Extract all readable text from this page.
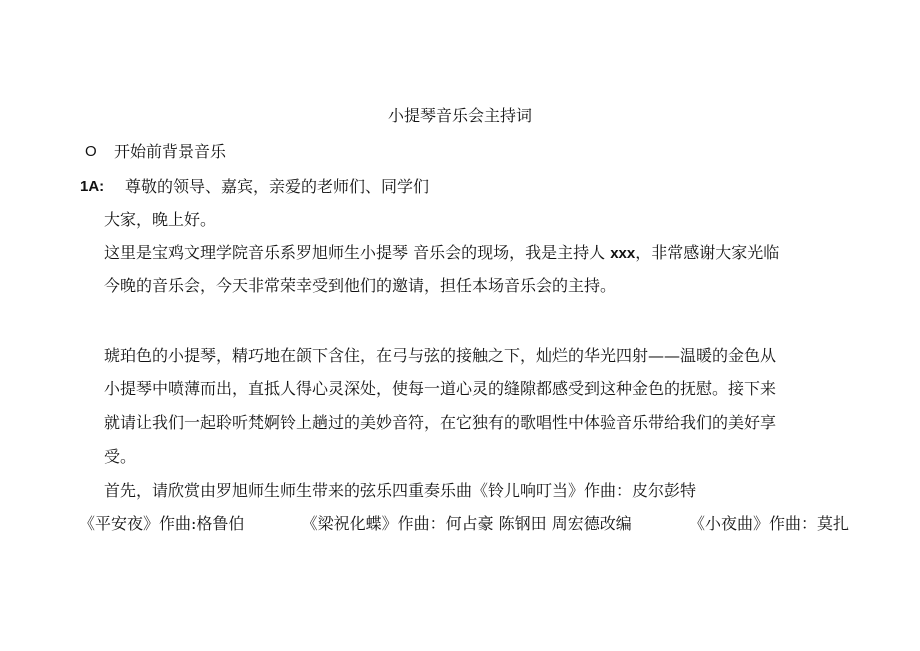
小提琴音乐会主持词
O 开始前背景音乐
1A: 尊敬的领导、嘉宾，亲爱的老师们、同学们
大家，晚上好。
这里是宝鸡文理学院音乐系罗旭师生小提琴 音乐会的现场，我是主持人 xxx，非常感谢大家光临
今晚的音乐会，今天非常荣幸受到他们的邀请，担任本场音乐会的主持。
琥珀色的小提琴，精巧地在颌下含住，在弓与弦的接触之下，灿烂的华光四射——温暖的金色从
小提琴中喷薄而出，直抵人得心灵深处，使每一道心灵的缝隙都感受到这种金色的抚慰。接下来
就请让我们一起聆听梵婀铃上趟过的美妙音符，在它独有的歌唱性中体验音乐带给我们的美好享
受。
首先，请欣赏由罗旭师生师生带来的弦乐四重奏乐曲《铃儿响叮当》作曲：皮尔彭特
《平安夜》作曲:格鲁伯	《梁祝化蝶》作曲：何占豪 陈钢田 周宏德改编	《小夜曲》作曲：莫扎
